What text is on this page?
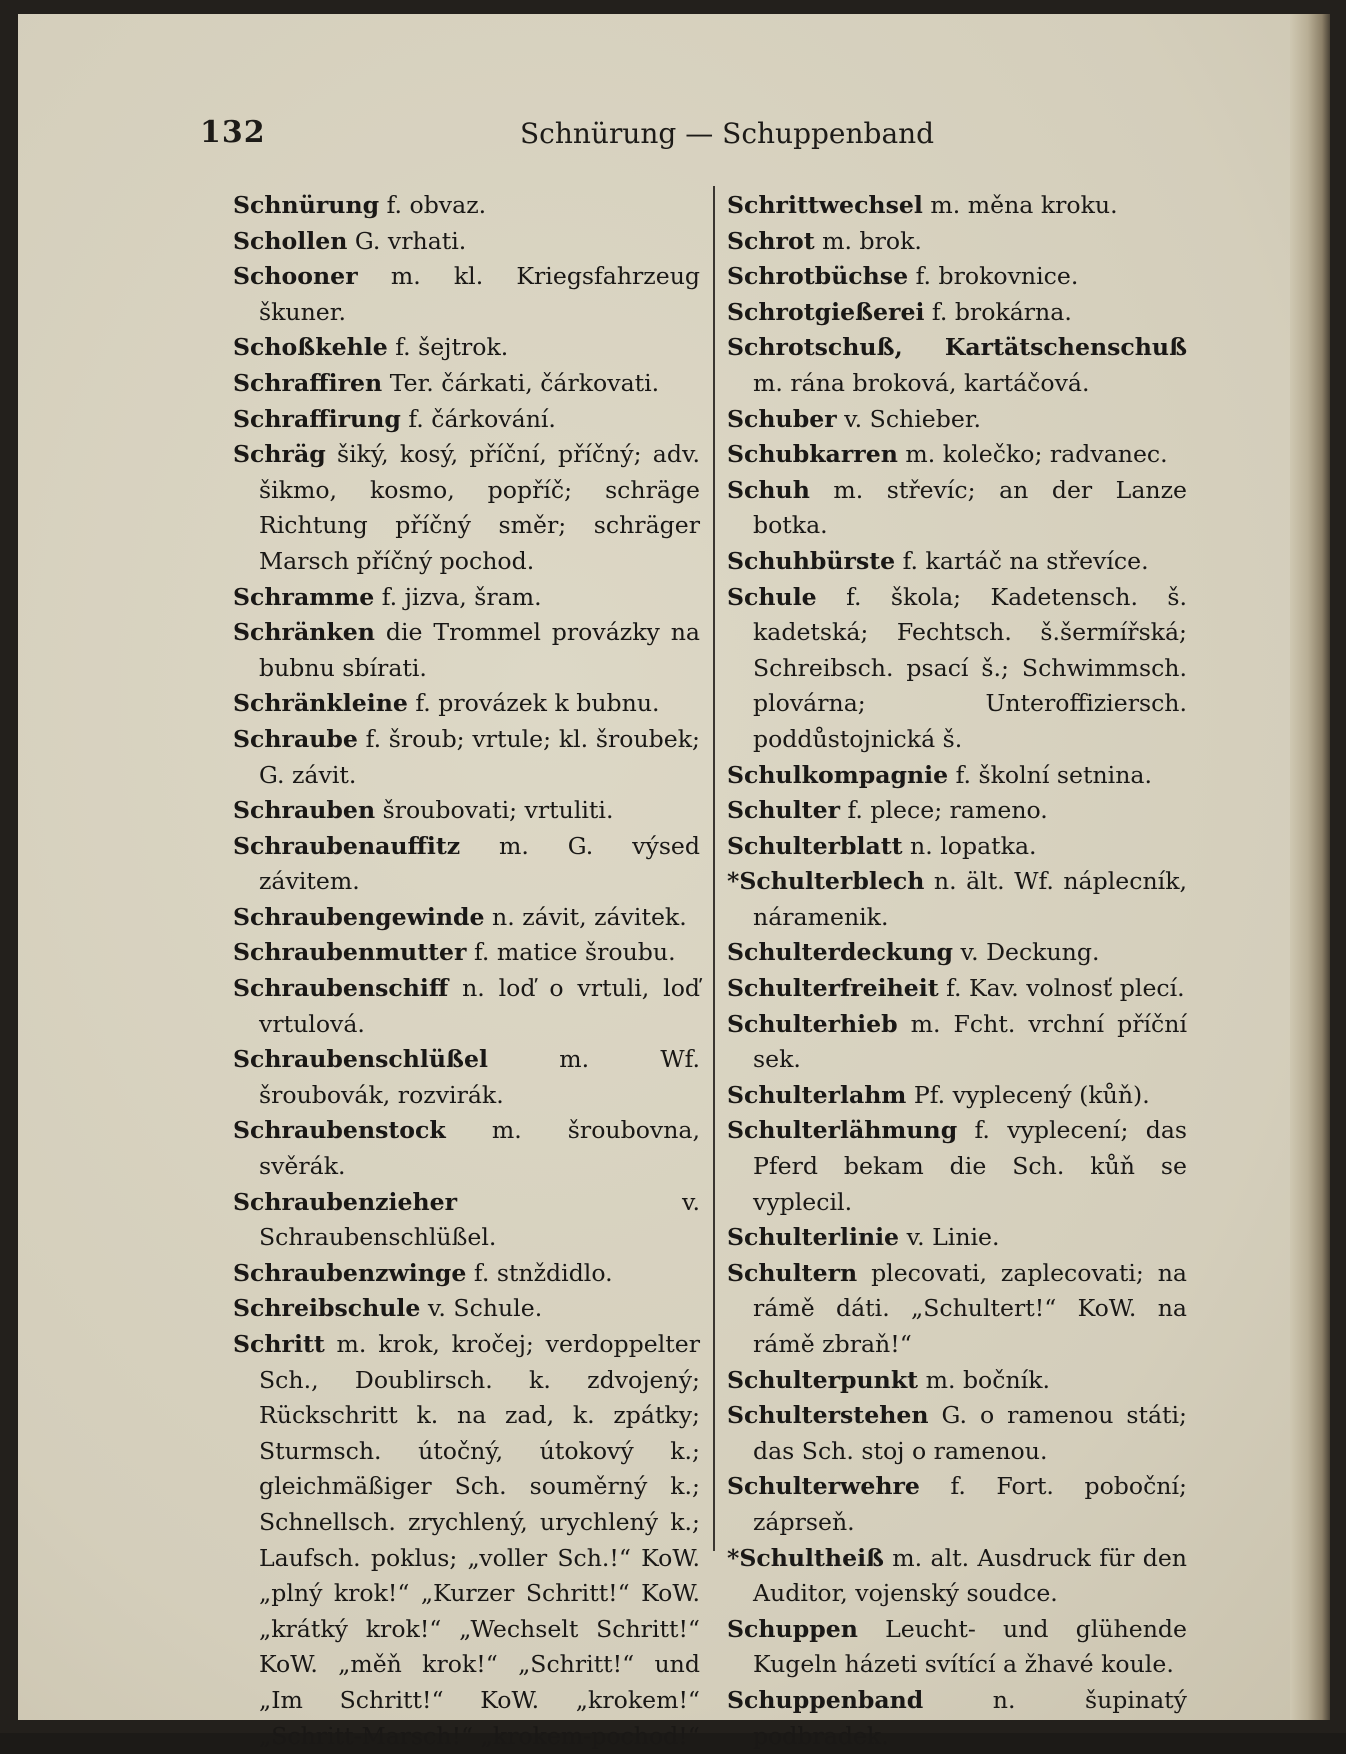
132	Schnürung — Schuppenband

Schnürung f. obvaz.

Schollen G. vrhati.

Schooner m. kl. Kriegsfahrzeug škuner.

Schoßkehle f. šejtrok.

Schraffiren Ter. čárkati, čárkovati.

Schraffirung f. čárkování.

Schräg šiký, kosý, příční, příčný; adv. šikmo, kosmo, popříč; schräge Richtung příčný směr; schräger Marsch příčný pochod.

Schramme f. jizva, šram.

Schränken die Trommel provázky na bubnu sbírati.

Schränkleine f. provázek k bubnu.

Schraube f. šroub; vrtule; kl. šroubek; G. závit.

Schrauben šroubovati; vrtuliti.

Schraubenauffitz m. G. výsed závitem.

Schraubengewinde n. závit, závitek.

Schraubenmutter f. matice šroubu.

Schraubenschiff n. loď o vrtuli, loď vrtulová.

Schraubenschlüßel m. Wf. šroubovák, rozvirák.

Schraubenstock m. šroubovna, svěrák.

Schraubenzieher v. Schraubenschlüßel.

Schraubenzwinge f. stnždidlo.

Schreibschule v. Schule.

Schritt m. krok, kročej; verdoppelter Sch., Doublirsch. k. zdvojený; Rückschritt k. na zad, k. zpátky; Sturmsch. útočný, útokový k.; gleichmäßiger Sch. souměrný k.; Schnellsch. zrychlený, urychlený k.; Laufsch. poklus; „voller Sch.!“ KoW. „plný krok!“ „Kurzer Schritt!“ KoW. „krátký krok!“ „Wechselt Schritt!“ KoW. „měň krok!“ „Schritt!“ und „Im Schritt!“ KoW. „krokem!“ „Schritt-Marsch!“ „krokem-pochod!“

Schrittwechsel m. měna kroku.

Schrot m. brok.

Schrotbüchse f. brokovnice.

Schrotgießerei f. brokárna.

Schrotschuß, Kartätschenschuß m. rána broková, kartáčová.

Schuber v. Schieber.

Schubkarren m. kolečko; radvanec.

Schuh m. střevíc; an der Lanze botka.

Schuhbürste f. kartáč na střevíce.

Schule f. škola; Kadetensch. š. kadetská; Fechtsch. š.šermířská; Schreibsch. psací š.; Schwimmsch. plovárna; Unteroffiziersch. poddůstojnická š.

Schulkompagnie f. školní setnina.

Schulter f. plece; rameno.

Schulterblatt n. lopatka.

*Schulterblech n. ält. Wf. náplecník, náramenik.

Schulterdeckung v. Deckung.

Schulterfreiheit f. Kav. volnosť plecí.

Schulterhieb m. Fcht. vrchní příční sek.

Schulterlahm Pf. vyplecený (kůň).

Schulterlähmung f. vyplecení; das Pferd bekam die Sch. kůň se vyplecil.

Schulterlinie v. Linie.

Schultern plecovati, zaplecovati; na rámě dáti. „Schultert!“ KoW. na rámě zbraň!“

Schulterpunkt m. bočník.

Schulterstehen G. o ramenou státi; das Sch. stoj o ramenou.

Schulterwehre f. Fort. poboční; záprseň.

*Schultheiß m. alt. Ausdruck für den Auditor, vojenský soudce.

Schuppen Leucht- und glühende Kugeln házeti svítící a žhavé koule.

Schuppenband n. šupinatý podbradek.
